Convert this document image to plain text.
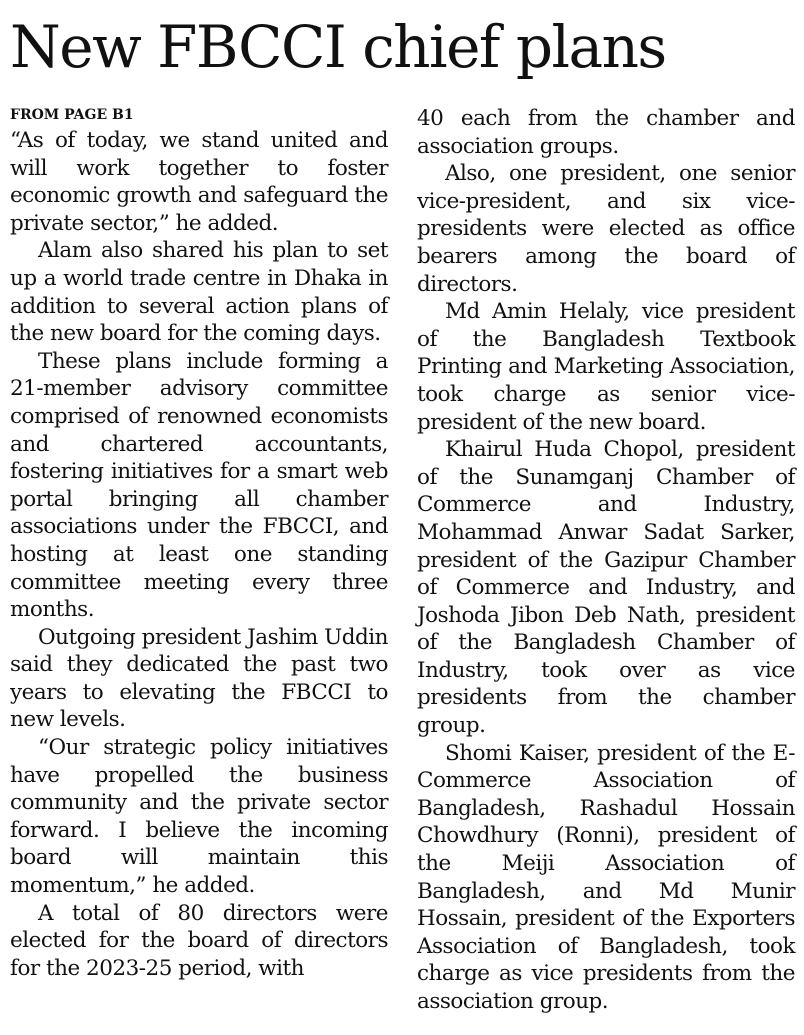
New FBCCI chief plans
FROM PAGE B1

“As of today, we stand united and will work together to foster economic growth and safeguard the private sector,” he added.

Alam also shared his plan to set up a world trade centre in Dhaka in addition to several action plans of the new board for the coming days.

These plans include forming a 21-member advisory committee comprised of renowned economists and chartered accountants, fostering initiatives for a smart web portal bringing all chamber associations under the FBCCI, and hosting at least one standing committee meeting every three months.

Outgoing president Jashim Uddin said they dedicated the past two years to elevating the FBCCI to new levels.

“Our strategic policy initiatives have propelled the business community and the private sector forward. I believe the incoming board will maintain this momentum,” he added.

A total of 80 directors were elected for the board of directors for the 2023-25 period, with

40 each from the chamber and association groups.

Also, one president, one senior vice-president, and six vice-presidents were elected as office bearers among the board of directors.

Md Amin Helaly, vice president of the Bangladesh Textbook Printing and Marketing Association, took charge as senior vice-president of the new board.

Khairul Huda Chopol, president of the Sunamganj Chamber of Commerce and Industry, Mohammad Anwar Sadat Sarker, president of the Gazipur Chamber of Commerce and Industry, and Joshoda Jibon Deb Nath, president of the Bangladesh Chamber of Industry, took over as vice presidents from the chamber group.

Shomi Kaiser, president of the E-Commerce Association of Bangladesh, Rashadul Hossain Chowdhury (Ronni), president of the Meiji Association of Bangladesh, and Md Munir Hossain, president of the Exporters Association of Bangladesh, took charge as vice presidents from the association group.
